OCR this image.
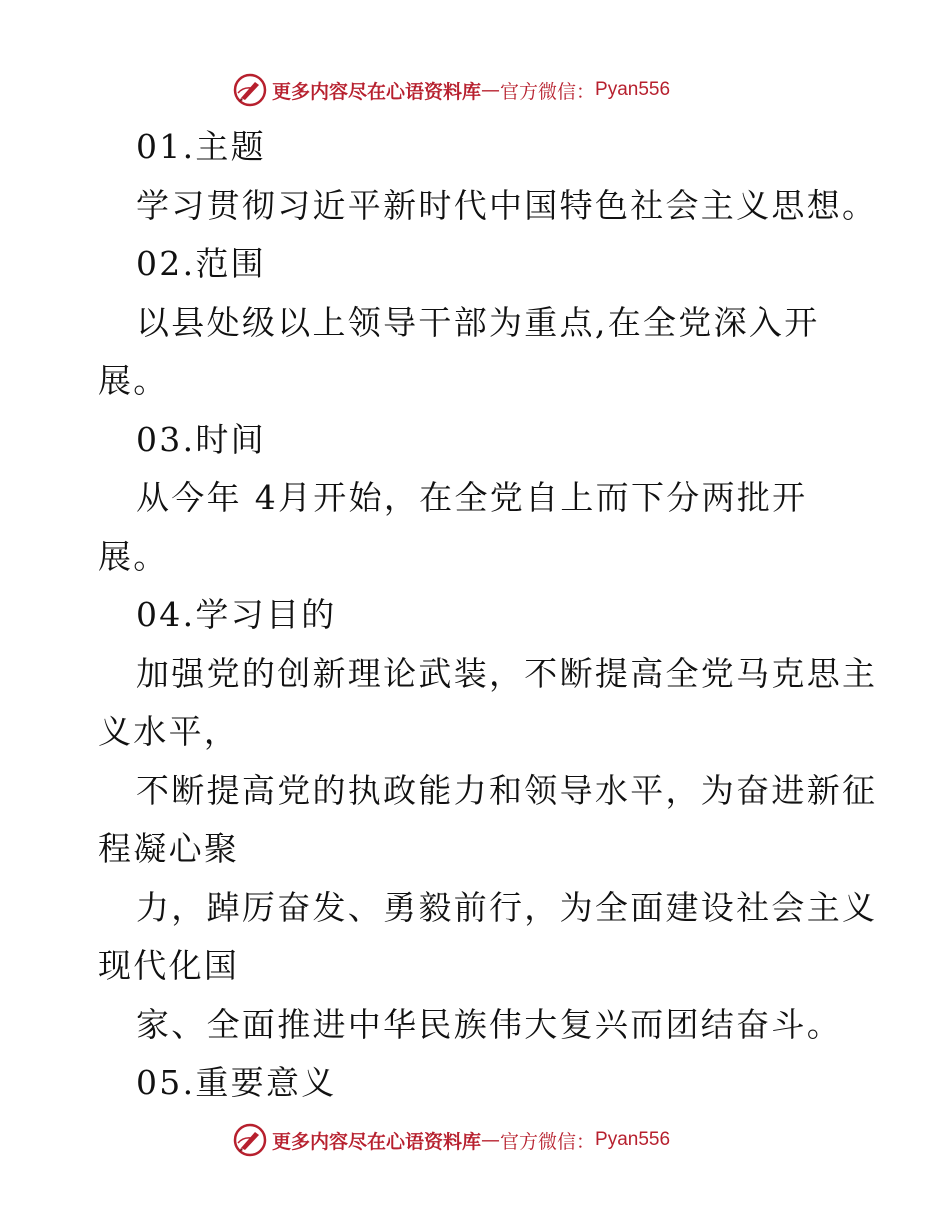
更多内容尽在心语资料库 — 官方微信： Pyan556
01.主题
学习贯彻习近平新时代中国特色社会主义思想。
02.范围
以县处级以上领导干部为重点,在全党深入开
展。
03.时间
从今年 4月开始，在全党自上而下分两批开
展。
04.学习目的
加强党的创新理论武装，不断提高全党马克思主
义水平，
不断提高党的执政能力和领导水平，为奋进新征
程凝心聚
力，踔厉奋发、勇毅前行，为全面建设社会主义
现代化国
家、全面推进中华民族伟大复兴而团结奋斗。
05.重要意义
更多内容尽在心语资料库 — 官方微信： Pyan556
